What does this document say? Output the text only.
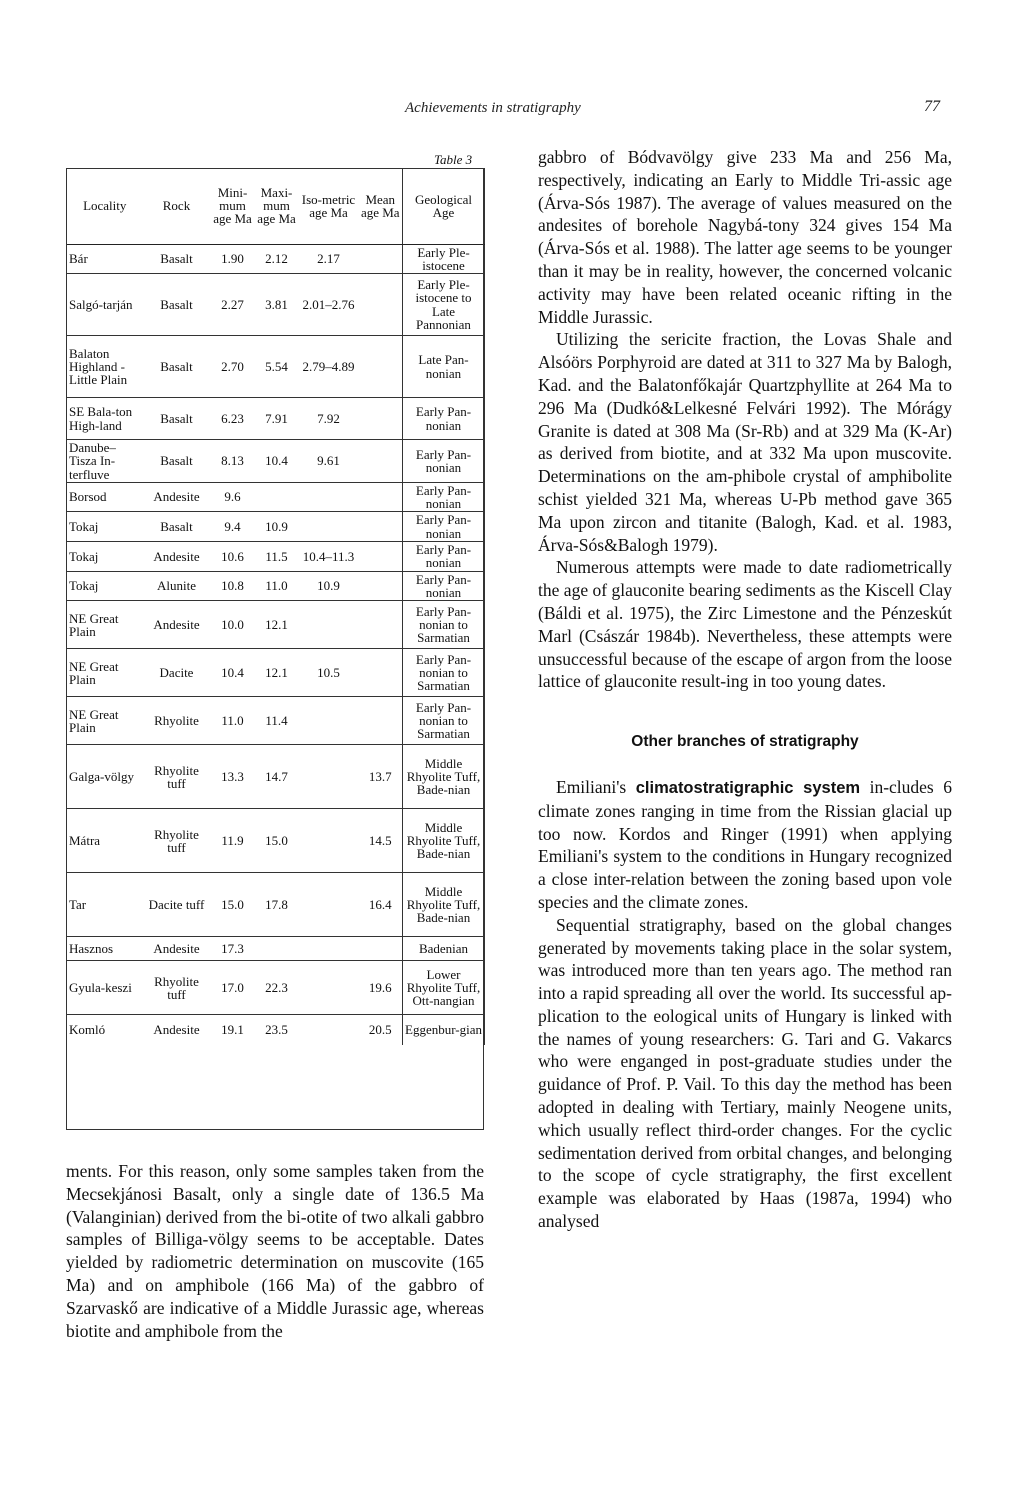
Achievements in stratigraphy	77
Table 3
Locality	Rock	Mini-mum age Ma	Maxi-mum age Ma	Iso-metric age Ma	Mean age Ma	Geological Age
Bár	Basalt	1.90	2.12	2.17		Early Ple-istocene
Salgó-tarján	Basalt	2.27	3.81	2.01–2.76		Early Ple-istocene to Late Pannonian
Balaton Highland -Little Plain	Basalt	2.70	5.54	2.79–4.89		Late Pan-nonian
SE Bala-ton High-land	Basalt	6.23	7.91	7.92		Early Pan-nonian
Danube–Tisza In-terfluve	Basalt	8.13	10.4	9.61		Early Pan-nonian
Borsod	Andesite	9.6				Early Pan-nonian
Tokaj	Basalt	9.4	10.9			Early Pan-nonian
Tokaj	Andesite	10.6	11.5	10.4–11.3		Early Pan-nonian
Tokaj	Alunite	10.8	11.0	10.9		Early Pan-nonian
NE Great Plain	Andesite	10.0	12.1			Early Pan-nonian to Sarmatian
NE Great Plain	Dacite	10.4	12.1	10.5		Early Pan-nonian to Sarmatian
NE Great Plain	Rhyolite	11.0	11.4			Early Pan-nonian to Sarmatian
Galga-völgy	Rhyolite tuff	13.3	14.7		13.7	Middle Rhyolite Tuff, Bade-nian
Mátra	Rhyolite tuff	11.9	15.0		14.5	Middle Rhyolite Tuff, Bade-nian
Tar	Dacite tuff	15.0	17.8		16.4	Middle Rhyolite Tuff, Bade-nian
Hasznos	Andesite	17.3				Badenian
Gyula-keszi	Rhyolite tuff	17.0	22.3		19.6	Lower Rhyolite Tuff, Ott-nangian
Komló	Andesite	19.1	23.5		20.5	Eggenbur-gian

ments. For this reason, only some samples taken from the Mecsekjánosi Basalt, only a single date of 136.5 Ma (Valanginian) derived from the bi-otite of two alkali gabbro samples of Billiga-völgy seems to be acceptable. Dates yielded by radiometric determination on muscovite (165 Ma) and on amphibole (166 Ma) of the gabbro of Szarvaskő are indicative of a Middle Jurassic age, whereas biotite and amphibole from the

gabbro of Bódvavölgy give 233 Ma and 256 Ma, respectively, indicating an Early to Middle Tri-assic age (Árva-Sós 1987). The average of values measured on the andesites of borehole Nagybá-tony 324 gives 154 Ma (Árva-Sós et al. 1988). The latter age seems to be younger than it may be in reality, however, the concerned volcanic activity may have been related oceanic rifting in the Middle Jurassic.

Utilizing the sericite fraction, the Lovas Shale and Alsóörs Porphyroid are dated at 311 to 327 Ma by Balogh, Kad. and the Balatonfőkajár Quartzphyllite at 264 Ma to 296 Ma (Dudkó&Lelkesné Felvári 1992). The Mórágy Granite is dated at 308 Ma (Sr-Rb) and at 329 Ma (K-Ar) as derived from biotite, and at 332 Ma upon muscovite. Determinations on the am-phibole crystal of amphibolite schist yielded 321 Ma, whereas U-Pb method gave 365 Ma upon zircon and titanite (Balogh, Kad. et al. 1983, Árva-Sós&Balogh 1979).

Numerous attempts were made to date radiometrically the age of glauconite bearing sediments as the Kiscell Clay (Báldi et al. 1975), the Zirc Limestone and the Pénzeskút Marl (Császár 1984b). Nevertheless, these attempts were unsuccessful because of the escape of argon from the loose lattice of glauconite result-ing in too young dates.

Other branches of stratigraphy

Emiliani's climatostratigraphic system in-cludes 6 climate zones ranging in time from the Rissian glacial up too now. Kordos and Ringer (1991) when applying Emiliani's system to the conditions in Hungary recognized a close inter-relation between the zoning based upon vole species and the climate zones.

Sequential stratigraphy, based on the global changes generated by movements taking place in the solar system, was introduced more than ten years ago. The method ran into a rapid spreading all over the world. Its successful ap-plication to the eological units of Hungary is linked with the names of young researchers: G. Tari and G. Vakarcs who were enganged in post-graduate studies under the guidance of Prof. P. Vail. To this day the method has been adopted in dealing with Tertiary, mainly Neogene units, which usually reflect third-order changes. For the cyclic sedimentation derived from orbital changes, and belonging to the scope of cycle stratigraphy, the first excellent example was elaborated by Haas (1987a, 1994) who analysed
